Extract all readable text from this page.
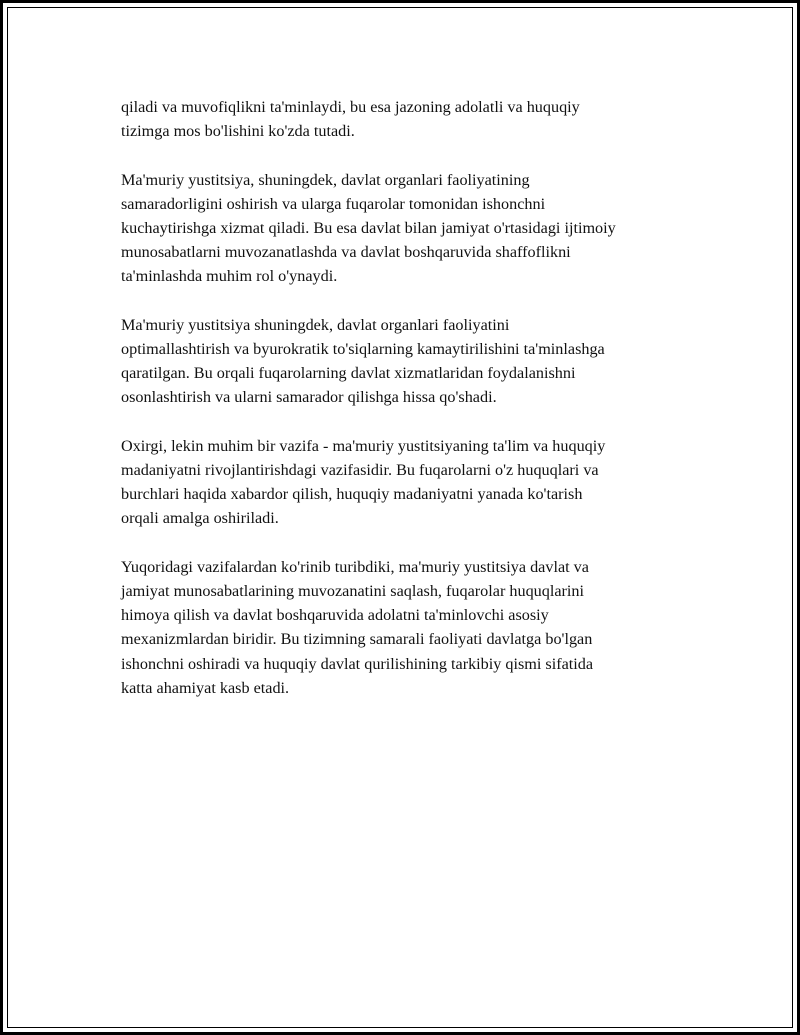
qiladi va muvofiqlikni ta'minlaydi, bu esa jazoning adolatli va huquqiy
tizimga mos bo'lishini ko'zda tutadi.

Ma'muriy yustitsiya, shuningdek, davlat organlari faoliyatining
samaradorligini oshirish va ularga fuqarolar tomonidan ishonchni
kuchaytirishga xizmat qiladi. Bu esa davlat bilan jamiyat o'rtasidagi ijtimoiy
munosabatlarni muvozanatlashda va davlat boshqaruvida shaffoflikni
ta'minlashda muhim rol o'ynaydi.

Ma'muriy yustitsiya shuningdek, davlat organlari faoliyatini
optimallashtirish va byurokratik to'siqlarning kamaytirilishini ta'minlashga
qaratilgan. Bu orqali fuqarolarning davlat xizmatlaridan foydalanishni
osonlashtirish va ularni samarador qilishga hissa qo'shadi.

Oxirgi, lekin muhim bir vazifa - ma'muriy yustitsiyaning ta'lim va huquqiy
madaniyatni rivojlantirishdagi vazifasidir. Bu fuqarolarni o'z huquqlari va
burchlari haqida xabardor qilish, huquqiy madaniyatni yanada ko'tarish
orqali amalga oshiriladi.

Yuqoridagi vazifalardan ko'rinib turibdiki, ma'muriy yustitsiya davlat va
jamiyat munosabatlarining muvozanatini saqlash, fuqarolar huquqlarini
himoya qilish va davlat boshqaruvida adolatni ta'minlovchi asosiy
mexanizmlardan biridir. Bu tizimning samarali faoliyati davlatga bo'lgan
ishonchni oshiradi va huquqiy davlat qurilishining tarkibiy qismi sifatida
katta ahamiyat kasb etadi.
